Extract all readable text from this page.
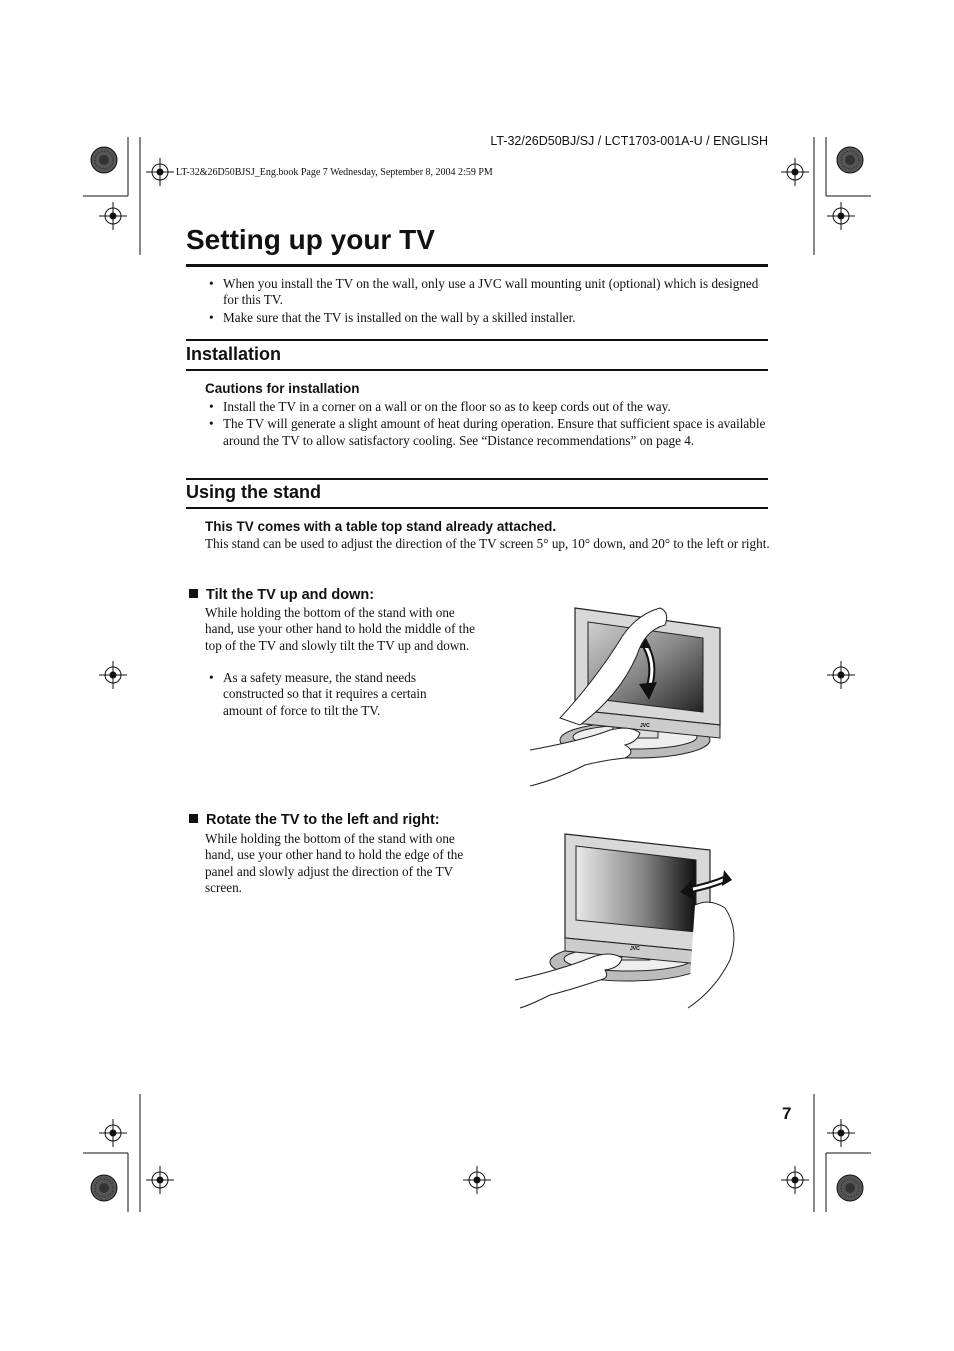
LT-32/26D50BJ/SJ / LCT1703-001A-U / ENGLISH
LT-32&26D50BJSJ_Eng.book Page 7 Wednesday, September 8, 2004 2:59 PM
Setting up your TV
• When you install the TV on the wall, only use a JVC wall mounting unit (optional) which is designed for this TV.
• Make sure that the TV is installed on the wall by a skilled installer.
Installation
Cautions for installation
• Install the TV in a corner on a wall or on the floor so as to keep cords out of the way.
• The TV will generate a slight amount of heat during operation. Ensure that sufficient space is available around the TV to allow satisfactory cooling. See “Distance recommendations” on page 4.
Using the stand
This TV comes with a table top stand already attached.

This stand can be used to adjust the direction of the TV screen 5° up, 10° down, and 20° to the left or right.

Tilt the TV up and down:

While holding the bottom of the stand with one hand, use your other hand to hold the middle of the top of the TV and slowly tilt the TV up and down.

• As a safety measure, the stand needs constructed so that it requires a certain amount of force to tilt the TV.
JVC
Rotate the TV to the left and right:

While holding the bottom of the stand with one hand, use your other hand to hold the edge of the panel and slowly adjust the direction of the TV screen.

JVC
7
